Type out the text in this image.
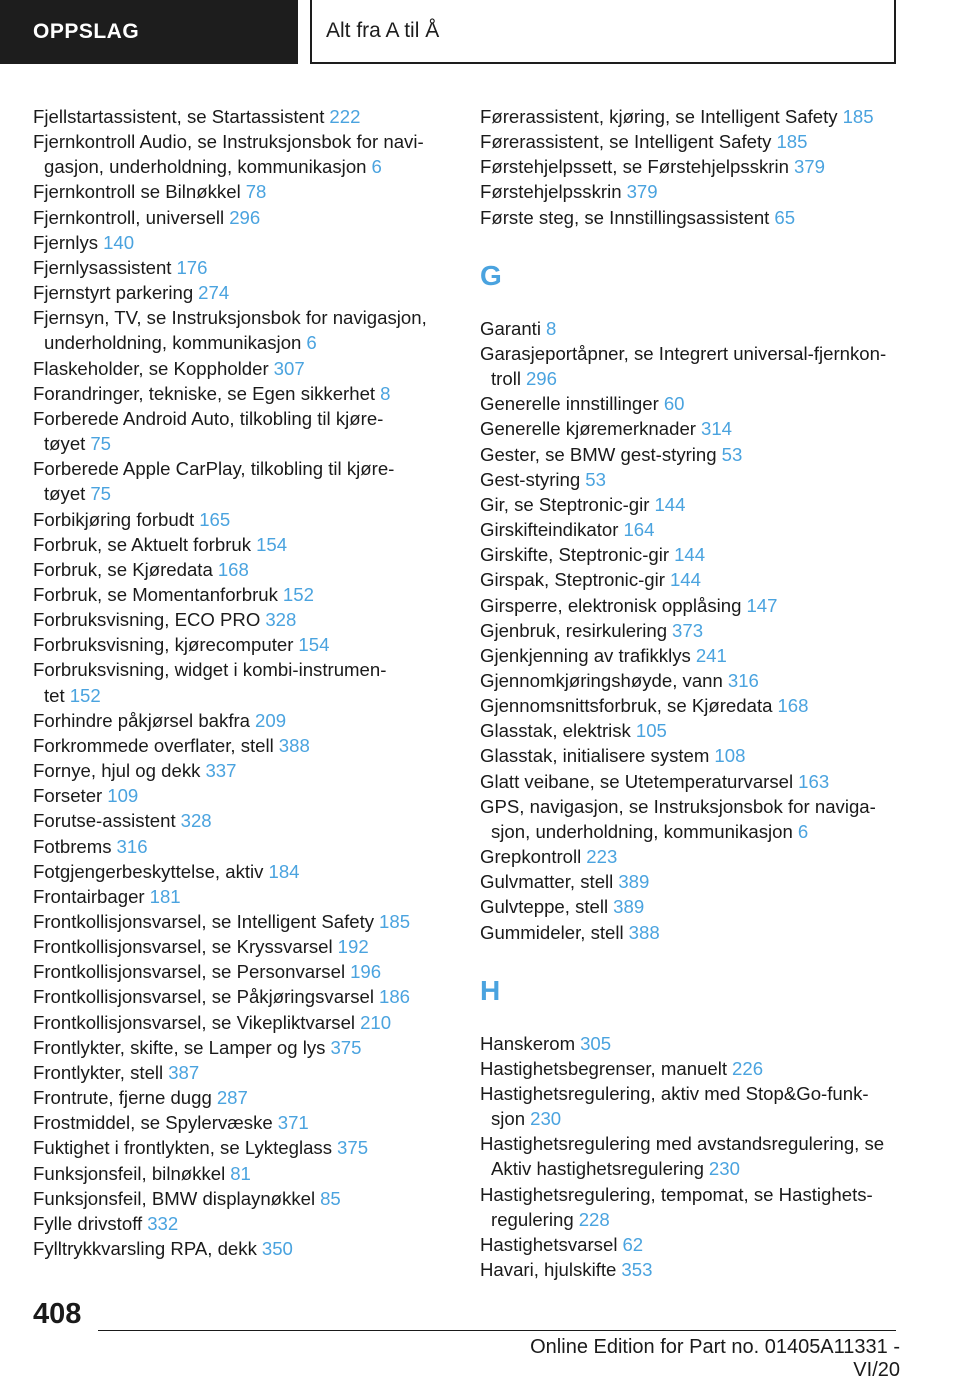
OPPSLAG	Alt fra A til Å
Fjellstartassistent, se Startassistent 222
Fjernkontroll Audio, se Instruksjonsbok for navi-gasjon, underholdning, kommunikasjon 6
Fjernkontroll se Bilnøkkel 78
Fjernkontroll, universell 296
Fjernlys 140
Fjernlysassistent 176
Fjernstyrt parkering 274
Fjernsyn, TV, se Instruksjonsbok for navigasjon, underholdning, kommunikasjon 6
Flaskeholder, se Koppholder 307
Forandringer, tekniske, se Egen sikkerhet 8
Forberede Android Auto, tilkobling til kjøre-tøyet 75
Forberede Apple CarPlay, tilkobling til kjøre-tøyet 75
Forbikjøring forbudt 165
Forbruk, se Aktuelt forbruk 154
Forbruk, se Kjøredata 168
Forbruk, se Momentanforbruk 152
Forbruksvisning, ECO PRO 328
Forbruksvisning, kjørecomputer 154
Forbruksvisning, widget i kombi-instrumen-tet 152
Forhindre påkjørsel bakfra 209
Forkrommede overflater, stell 388
Fornye, hjul og dekk 337
Forseter 109
Forutse-assistent 328
Fotbrems 316
Fotgjengerbeskyttelse, aktiv 184
Frontairbager 181
Frontkollisjonsvarsel, se Intelligent Safety 185
Frontkollisjonsvarsel, se Kryssvarsel 192
Frontkollisjonsvarsel, se Personvarsel 196
Frontkollisjonsvarsel, se Påkjøringsvarsel 186
Frontkollisjonsvarsel, se Vikepliktvarsel 210
Frontlykter, skifte, se Lamper og lys 375
Frontlykter, stell 387
Frontrute, fjerne dugg 287
Frostmiddel, se Spylervæske 371
Fuktighet i frontlykten, se Lykteglass 375
Funksjonsfeil, bilnøkkel 81
Funksjonsfeil, BMW displaynøkkel 85
Fylle drivstoff 332
Fylltrykkvarsling RPA, dekk 350
Førerassistent, kjøring, se Intelligent Safety 185
Førerassistent, se Intelligent Safety 185
Førstehjelpssett, se Førstehjelpsskrin 379
Førstehjelpsskrin 379
Første steg, se Innstillingsassistent 65
G
Garanti 8
Garasjeportåpner, se Integrert universal-fjernkon-troll 296
Generelle innstillinger 60
Generelle kjøremerknader 314
Gester, se BMW gest-styring 53
Gest-styring 53
Gir, se Steptronic-gir 144
Girskifteindikator 164
Girskifte, Steptronic-gir 144
Girspak, Steptronic-gir 144
Girsperre, elektronisk opplåsing 147
Gjenbruk, resirkulering 373
Gjenkjenning av trafikklys 241
Gjennomkjøringshøyde, vann 316
Gjennomsnittsforbruk, se Kjøredata 168
Glasstak, elektrisk 105
Glasstak, initialisere system 108
Glatt veibane, se Utetemperaturvarsel 163
GPS, navigasjon, se Instruksjonsbok for naviga-sjon, underholdning, kommunikasjon 6
Grepkontroll 223
Gulvmatter, stell 389
Gulvteppe, stell 389
Gummideler, stell 388
H
Hanskerom 305
Hastighetsbegrenser, manuelt 226
Hastighetsregulering, aktiv med Stop&Go-funk-sjon 230
Hastighetsregulering med avstandsregulering, se Aktiv hastighetsregulering 230
Hastighetsregulering, tempomat, se Hastighets-regulering 228
Hastighetsvarsel 62
Havari, hjulskifte 353
408
Online Edition for Part no. 01405A11331 - VI/20
